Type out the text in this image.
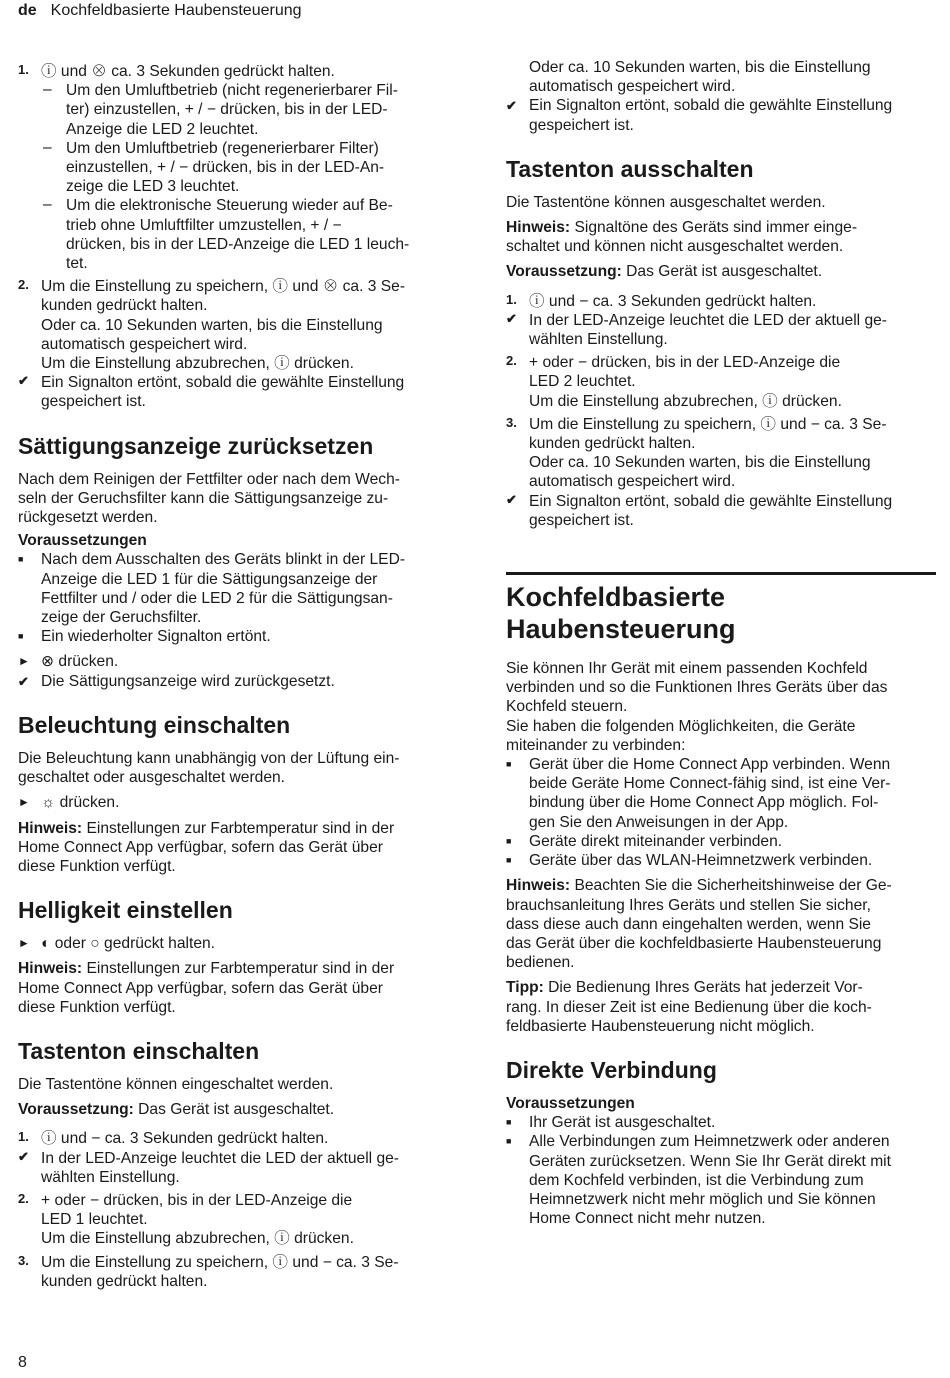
de Kochfeldbasierte Haubensteuerung
1. ⓘ und ⊗ ca. 3 Sekunden gedrückt halten.
– Um den Umluftbetrieb (nicht regenerierbarer Fil-
ter) einzustellen, + / − drücken, bis in der LED-
Anzeige die LED 2 leuchtet.
– Um den Umluftbetrieb (regenerierbarer Filter)
einzustellen, + / − drücken, bis in der LED-An-
zeige die LED 3 leuchtet.
– Um die elektronische Steuerung wieder auf Be-
trieb ohne Umluftfilter umzustellen, + / −
drücken, bis in der LED-Anzeige die LED 1 leuch-
tet.
2. Um die Einstellung zu speichern, ⓘ und ⊗ ca. 3 Se-
kunden gedrückt halten.
Oder ca. 10 Sekunden warten, bis die Einstellung
automatisch gespeichert wird.
Um die Einstellung abzubrechen, ⓘ drücken.
✔ Ein Signalton ertönt, sobald die gewählte Einstellung
gespeichert ist.
Sättigungsanzeige zurücksetzen
Nach dem Reinigen der Fettfilter oder nach dem Wech-
seln der Geruchsfilter kann die Sättigungsanzeige zu-
rückgesetzt werden.
Voraussetzungen
■ Nach dem Ausschalten des Geräts blinkt in der LED-
Anzeige die LED 1 für die Sättigungsanzeige der
Fettfilter und / oder die LED 2 für die Sättigungsan-
zeige der Geruchsfilter.
■ Ein wiederholter Signalton ertönt.
► ⊗ drücken.
✔ Die Sättigungsanzeige wird zurückgesetzt.
Beleuchtung einschalten
Die Beleuchtung kann unabhängig von der Lüftung ein-
geschaltet oder ausgeschaltet werden.
► ☼ drücken.
Hinweis: Einstellungen zur Farbtemperatur sind in der
Home Connect App verfügbar, sofern das Gerät über
diese Funktion verfügt.
Helligkeit einstellen
► ◐ oder ○ gedrückt halten.
Hinweis: Einstellungen zur Farbtemperatur sind in der
Home Connect App verfügbar, sofern das Gerät über
diese Funktion verfügt.
Tastenton einschalten
Die Tastentöne können eingeschaltet werden.
Voraussetzung: Das Gerät ist ausgeschaltet.
1. ⓘ und − ca. 3 Sekunden gedrückt halten.
✔ In der LED-Anzeige leuchtet die LED der aktuell ge-
wählten Einstellung.
2. + oder − drücken, bis in der LED-Anzeige die
LED 1 leuchtet.
Um die Einstellung abzubrechen, ⓘ drücken.
3. Um die Einstellung zu speichern, ⓘ und − ca. 3 Se-
kunden gedrückt halten.
Oder ca. 10 Sekunden warten, bis die Einstellung
automatisch gespeichert wird.
✔ Ein Signalton ertönt, sobald die gewählte Einstellung
gespeichert ist.
Tastenton ausschalten
Die Tastentöne können ausgeschaltet werden.
Hinweis: Signaltöne des Geräts sind immer einge-
schaltet und können nicht ausgeschaltet werden.
Voraussetzung: Das Gerät ist ausgeschaltet.
1. ⓘ und − ca. 3 Sekunden gedrückt halten.
✔ In der LED-Anzeige leuchtet die LED der aktuell ge-
wählten Einstellung.
2. + oder − drücken, bis in der LED-Anzeige die
LED 2 leuchtet.
Um die Einstellung abzubrechen, ⓘ drücken.
3. Um die Einstellung zu speichern, ⓘ und − ca. 3 Se-
kunden gedrückt halten.
Oder ca. 10 Sekunden warten, bis die Einstellung
automatisch gespeichert wird.
✔ Ein Signalton ertönt, sobald die gewählte Einstellung
gespeichert ist.
Kochfeldbasierte
Haubensteuerung
Sie können Ihr Gerät mit einem passenden Kochfeld
verbinden und so die Funktionen Ihres Geräts über das
Kochfeld steuern.
Sie haben die folgenden Möglichkeiten, die Geräte
miteinander zu verbinden:
■ Gerät über die Home Connect App verbinden. Wenn
beide Geräte Home Connect-fähig sind, ist eine Ver-
bindung über die Home Connect App möglich. Fol-
gen Sie den Anweisungen in der App.
■ Geräte direkt miteinander verbinden.
■ Geräte über das WLAN-Heimnetzwerk verbinden.
Hinweis: Beachten Sie die Sicherheitshinweise der Ge-
brauchsanleitung Ihres Geräts und stellen Sie sicher,
dass diese auch dann eingehalten werden, wenn Sie
das Gerät über die kochfeldbasierte Haubensteuerung
bedienen.
Tipp: Die Bedienung Ihres Geräts hat jederzeit Vor-
rang. In dieser Zeit ist eine Bedienung über die koch-
feldbasierte Haubensteuerung nicht möglich.
Direkte Verbindung
Voraussetzungen
■ Ihr Gerät ist ausgeschaltet.
■ Alle Verbindungen zum Heimnetzwerk oder anderen
Geräten zurücksetzen. Wenn Sie Ihr Gerät direkt mit
dem Kochfeld verbinden, ist die Verbindung zum
Heimnetzwerk nicht mehr möglich und Sie können
Home Connect nicht mehr nutzen.
8
